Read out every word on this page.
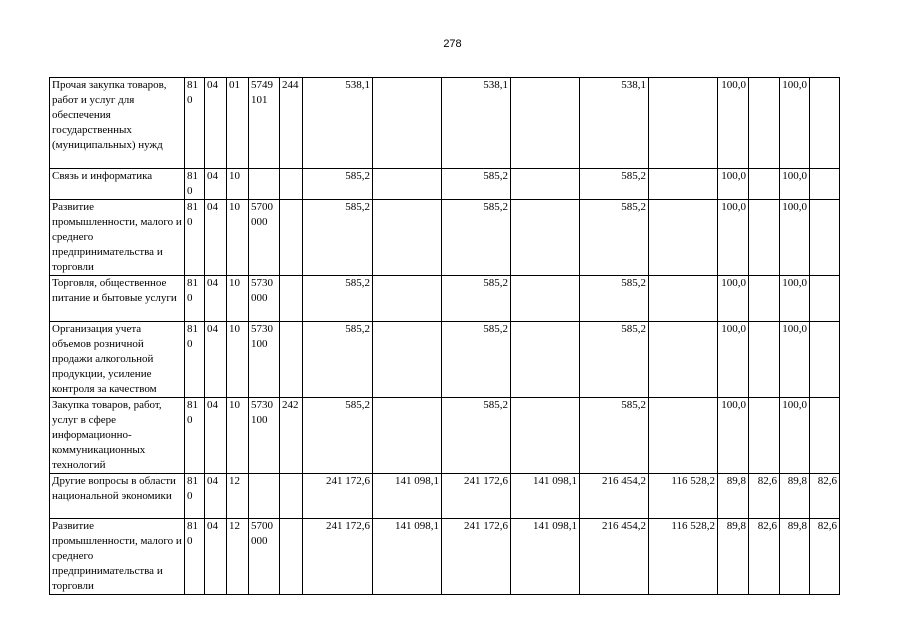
278
Прочая закупка товаров, работ и услуг для обеспечения государственных (муниципальных) нужд	810	04	01	5749 101	244	538,1		538,1		538,1		100,0		100,0	
Связь и информатика	810	04	10			585,2		585,2		585,2		100,0		100,0	
Развитие промышленности, малого и среднего предпринимательства и торговли	810	04	10	5700 000		585,2		585,2		585,2		100,0		100,0	
Торговля, общественное питание и бытовые услуги	810	04	10	5730 000		585,2		585,2		585,2		100,0		100,0	
Организация учета объемов розничной продажи алкогольной продукции, усиление контроля за качеством	810	04	10	5730 100		585,2		585,2		585,2		100,0		100,0	
Закупка товаров, работ, услуг в сфере информационно-коммуникационных технологий	810	04	10	5730 100	242	585,2		585,2		585,2		100,0		100,0	
Другие вопросы в области национальной экономики	810	04	12			241 172,6	141 098,1	241 172,6	141 098,1	216 454,2	116 528,2	89,8	82,6	89,8	82,6
Развитие промышленности, малого и среднего предпринимательства и торговли	810	04	12	5700 000		241 172,6	141 098,1	241 172,6	141 098,1	216 454,2	116 528,2	89,8	82,6	89,8	82,6
